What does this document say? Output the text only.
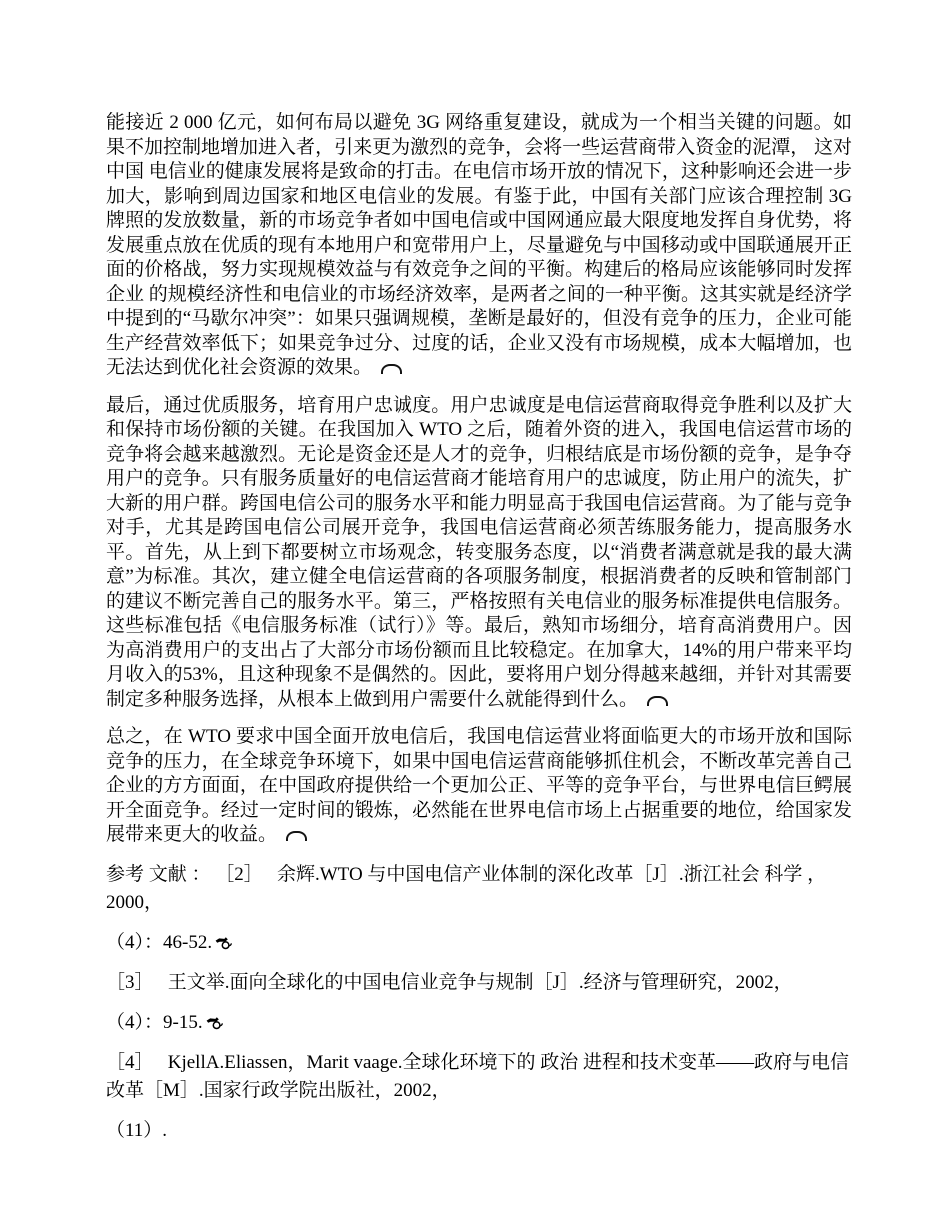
能接近 2 000 亿元，如何布局以避免 3G 网络重复建设，就成为一个相当关键的问题。如果不加控制地增加进入者，引来更为激烈的竞争，会将一些运营商带入资金的泥潭， 这对 中国 电信业的健康发展将是致命的打击。在电信市场开放的情况下，这种影响还会进一步加大，影响到周边国家和地区电信业的发展。有鉴于此，中国有关部门应该合理控制 3G 牌照的发放数量，新的市场竞争者如中国电信或中国网通应最大限度地发挥自身优势，将发展重点放在优质的现有本地用户和宽带用户上，尽量避免与中国移动或中国联通展开正面的价格战，努力实现规模效益与有效竞争之间的平衡。构建后的格局应该能够同时发挥 企业 的规模经济性和电信业的市场经济效率，是两者之间的一种平衡。这其实就是经济学中提到的“马歇尔冲突”：如果只强调规模，垄断是最好的，但没有竞争的压力，企业可能生产经营效率低下；如果竞争过分、过度的话，企业又没有市场规模，成本大幅增加，也无法达到优化社会资源的效果。

最后，通过优质服务，培育用户忠诚度。用户忠诚度是电信运营商取得竞争胜利以及扩大和保持市场份额的关键。在我国加入 WTO 之后，随着外资的进入，我国电信运营市场的竞争将会越来越激烈。无论是资金还是人才的竞争，归根结底是市场份额的竞争，是争夺用户的竞争。只有服务质量好的电信运营商才能培育用户的忠诚度，防止用户的流失，扩大新的用户群。跨国电信公司的服务水平和能力明显高于我国电信运营商。为了能与竞争对手，尤其是跨国电信公司展开竞争，我国电信运营商必须苦练服务能力，提高服务水平。首先，从上到下都要树立市场观念，转变服务态度，以“消费者满意就是我的最大满意”为标准。其次，建立健全电信运营商的各项服务制度，根据消费者的反映和管制部门的建议不断完善自己的服务水平。第三，严格按照有关电信业的服务标准提供电信服务。这些标准包括《电信服务标准（试行）》等。最后，熟知市场细分，培育高消费用户。因为高消费用户的支出占了大部分市场份额而且比较稳定。在加拿大，14%的用户带来平均月收入的53%，且这种现象不是偶然的。因此，要将用户划分得越来越细，并针对其需要制定多种服务选择，从根本上做到用户需要什么就能得到什么。

总之，在 WTO 要求中国全面开放电信后，我国电信运营业将面临更大的市场开放和国际竞争的压力，在全球竞争环境下，如果中国电信运营商能够抓住机会，不断改革完善自己企业的方方面面，在中国政府提供给一个更加公正、平等的竞争平台，与世界电信巨鳄展开全面竞争。经过一定时间的锻炼，必然能在世界电信市场上占据重要的地位，给国家发展带来更大的收益。

参考 文献 ： ［2］　 余辉.WTO 与中国电信产业体制的深化改革［J］.浙江社会 科学 ，2000，

（4）：46-52.

［3］　 王文举.面向全球化的中国电信业竞争与规制［J］.经济与管理研究，2002，

（4）：9-15.

［4］　 KjellA.Eliassen，Marit vaage.全球化环境下的 政治 进程和技术变革——政府与电信改革［M］.国家行政学院出版社，2002，

（11）.
